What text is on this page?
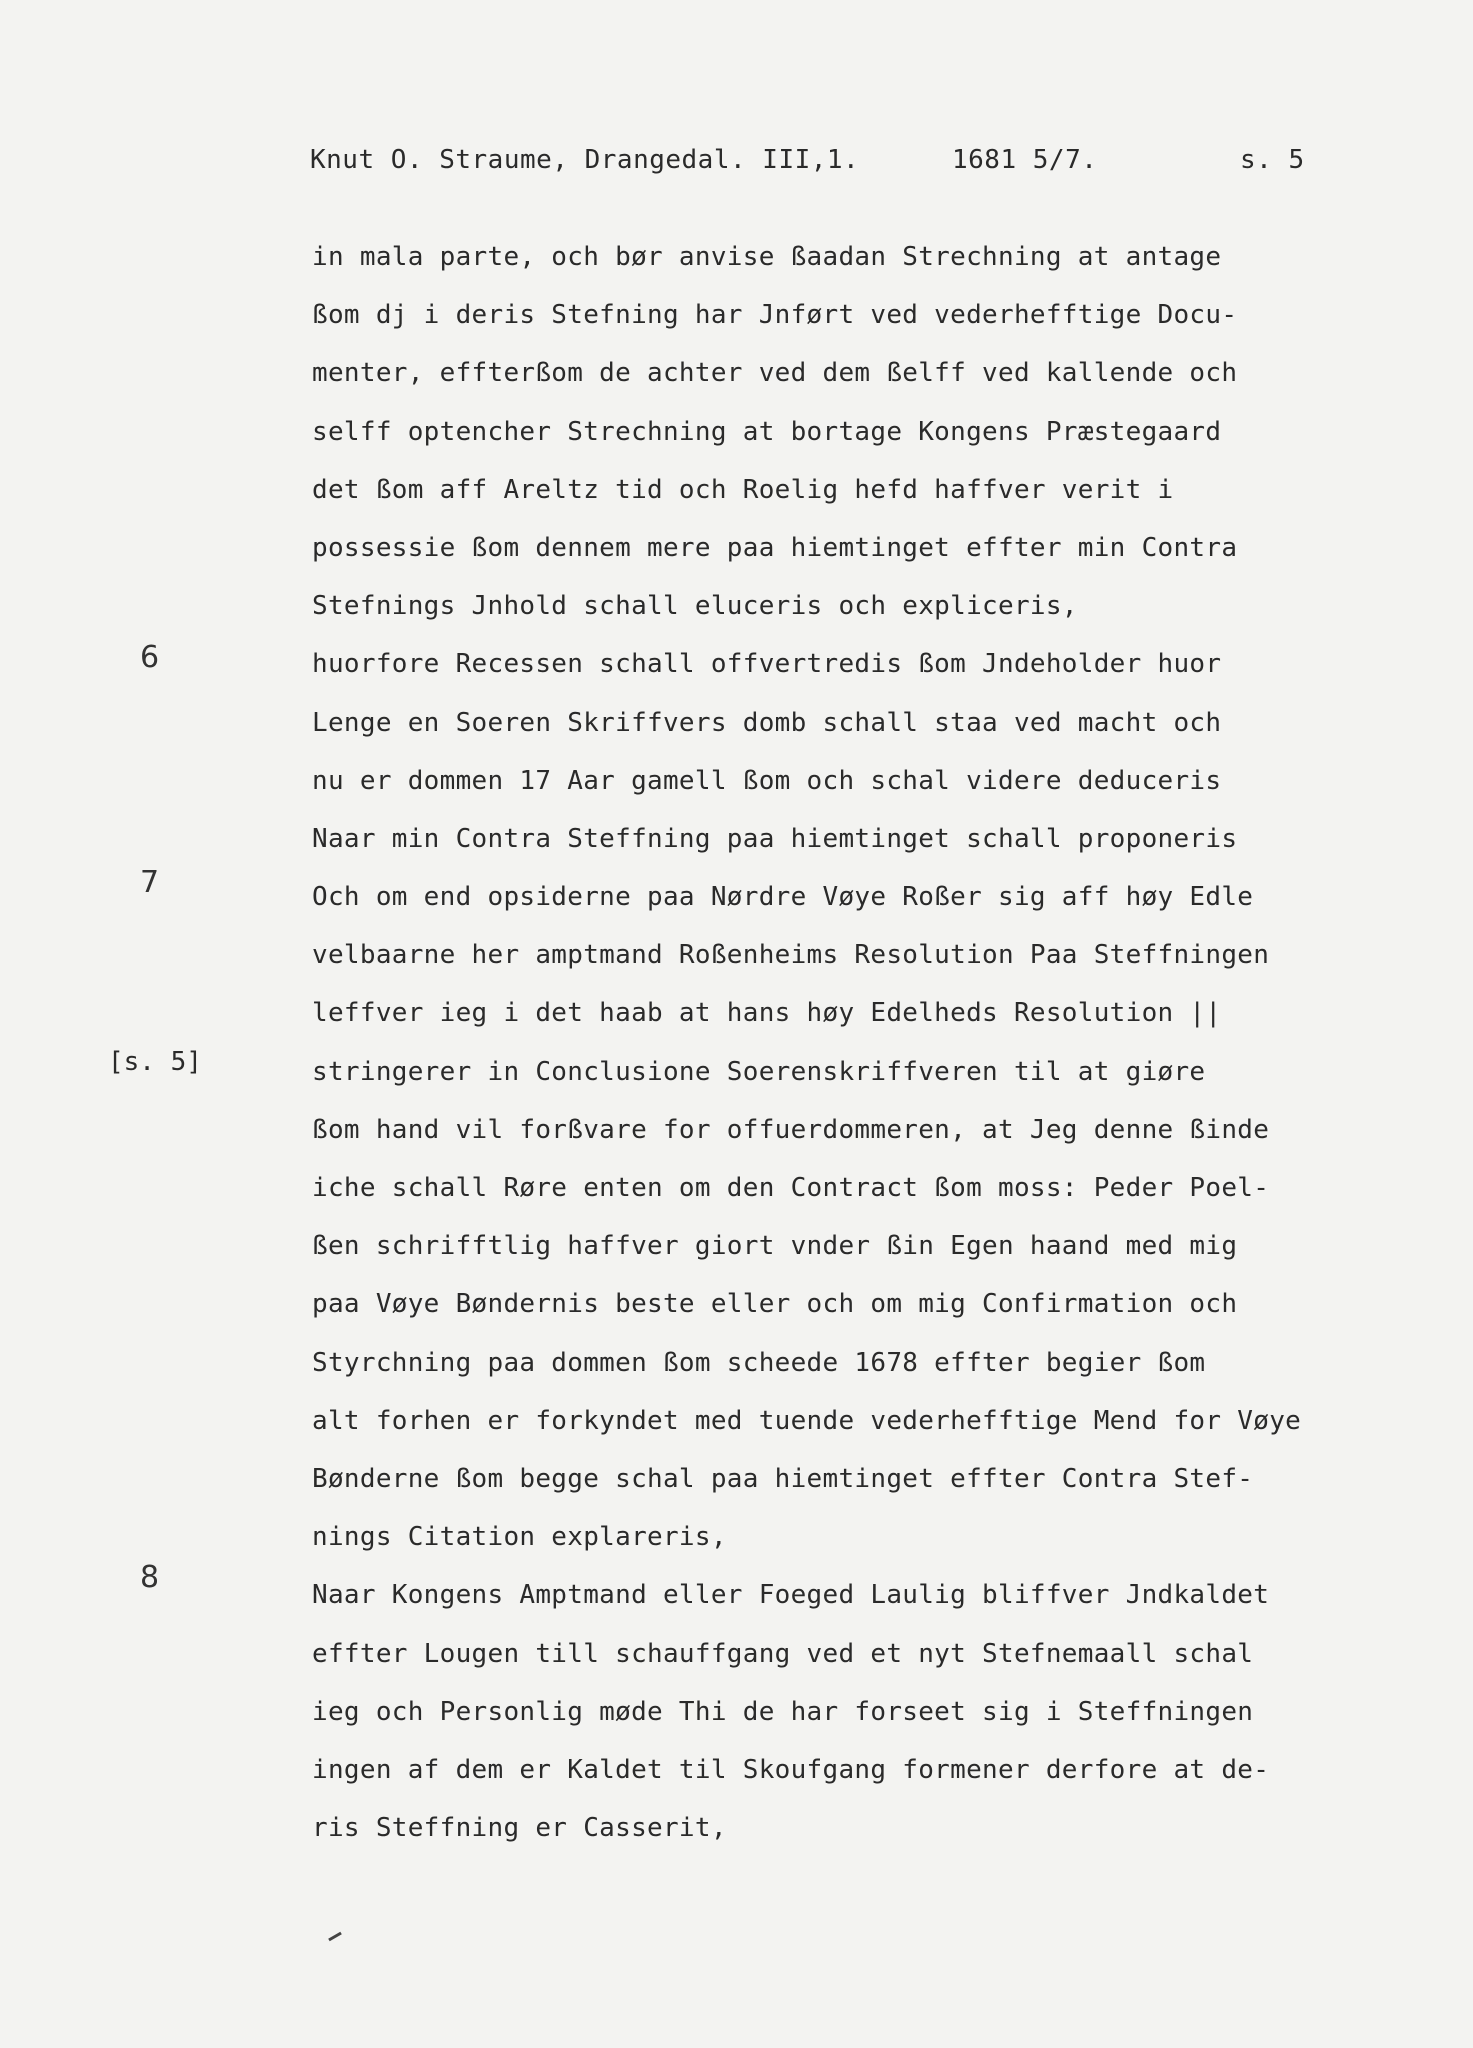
Knut O. Straume, Drangedal. III,1.	1681 5/7.	s. 5
in mala parte, och bør anvise ßaadan Strechning at antage
ßom dj i deris Stefning har Jnført ved vederhefftige Docu-
menter, effterßom de achter ved dem ßelff ved kallende och
selff optencher Strechning at bortage Kongens Præstegaard
det ßom aff Areltz tid och Roelig hefd haffver verit i
possessie ßom dennem mere paa hiemtinget effter min Contra
Stefnings Jnhold schall eluceris och expliceris,
huorfore Recessen schall offvertredis ßom Jndeholder huor
Lenge en Soeren Skriffvers domb schall staa ved macht och
nu er dommen 17 Aar gamell ßom och schal videre deduceris
Naar min Contra Steffning paa hiemtinget schall proponeris
Och om end opsiderne paa Nørdre Vøye Roßer sig aff høy Edle
velbaarne her amptmand Roßenheims Resolution Paa Steffningen
leffver ieg i det haab at hans høy Edelheds Resolution ||
stringerer in Conclusione Soerenskriffveren til at giøre
ßom hand vil forßvare for offuerdommeren, at Jeg denne ßinde
iche schall Røre enten om den Contract ßom moss: Peder Poel-
ßen schrifftlig haffver giort vnder ßin Egen haand med mig
paa Vøye Bøndernis beste eller och om mig Confirmation och
Styrchning paa dommen ßom scheede 1678 effter begier ßom
alt forhen er forkyndet med tuende vederhefftige Mend for Vøye
Bønderne ßom begge schal paa hiemtinget effter Contra Stef-
nings Citation explareris,
Naar Kongens Amptmand eller Foeged Laulig bliffver Jndkaldet
effter Lougen till schauffgang ved et nyt Stefnemaall schal
ieg och Personlig møde Thi de har forseet sig i Steffningen
ingen af dem er Kaldet til Skoufgang formener derfore at de-
ris Steffning er Casserit,
6
7
[s. 5]
8
